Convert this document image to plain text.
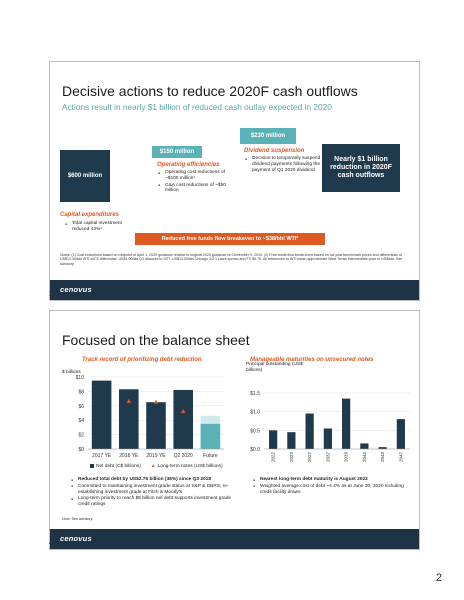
Decisive actions to reduce 2020F cash outflows
Actions result in nearly $1 billion of reduced cash outlay expected in 2020
$600 million
$150 million
$230 million
Nearly $1 billion reduction in 2020F cash outflows
Operating efficiencies
● Operating cost reductions of ~$100 million¹
● G&A cost reductions of ~$50 million
Dividend suspension
● Decision to temporarily suspend dividend payments following the payment of Q1 2020 dividend
Capital expenditures
● Total capital investment reduced 43%¹
Reduced free funds flow breakeven to ~$38/bbl WTI²
Notes: (1) Cost reductions based on midpoint of April 1, 2020 guidance relative to original 2020 guidance on December 9, 2019. (2) Free funds flow break-even based on full year benchmark prices and differentials of US$12.30/bbl WTI-WCS differential, US$1.00/bbl Q3 discount to WTI, US$13.00/bbl Chicago 3:2:1 crack spread and FX $0.75. All references to WTI mean approximate West Texas Intermediate price in US$/bbl. See Advisory.
cenovus
3
Focused on the balance sheet
Track record of prioritizing debt reduction	Manageable maturities on unsecured notes
$ billions
Principal outstanding (US$ billions)
$0
$2
$4
$6
$8
$10
2017 YE 2018 YE 2019 YE Q2 2020 Future
Net debt (C$ billions) ▲ Long-term notes (US$ billions)
$0.0
$0.5
$1.0
$1.5
2022	2023	2027	2037	2039	2042	2043	2047
● Reduced total debt by US$2.75 billion (36%) since Q3 2018
● Committed to maintaining investment grade status at S&P & DBRS; re-establishing investment grade at Fitch & Moody's
● Long-term priority to reach $5 billion net debt supports investment grade credit ratings
● Nearest long-term debt maturity is August 2022
● Weighted average cost of debt ~4.4% as at June 30, 2020 including credit facility draws
Note: See advisory.
cenovus
4
2
